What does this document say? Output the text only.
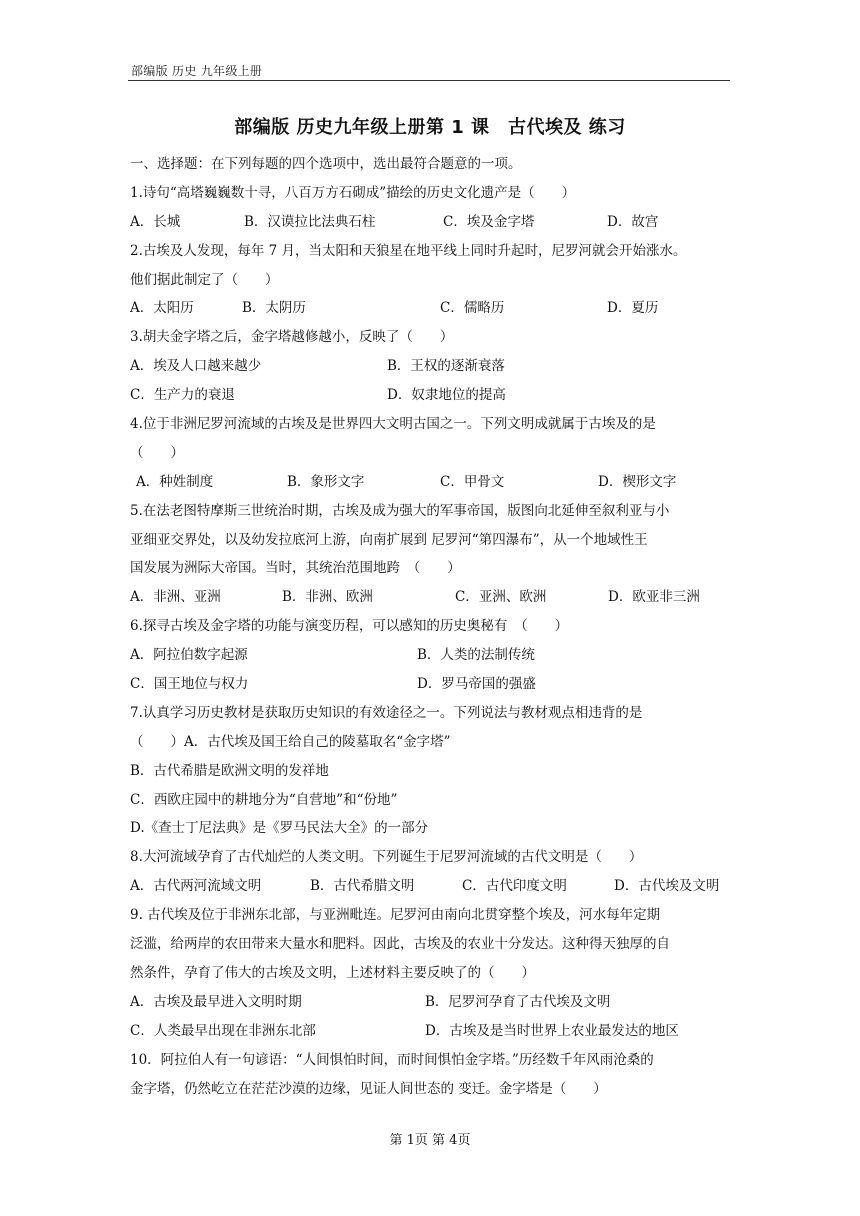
部编版 历史 九年级上册
部编版 历史九年级上册第 1 课　古代埃及 练习
一、选择题：在下列每题的四个选项中，选出最符合题意的一项。
1.诗句“高塔巍巍数十寻，八百万方石砌成”描绘的历史文化遗产是（　　）
A．长城	B．汉谟拉比法典石柱	C．埃及金字塔	D．故宫
2.古埃及人发现，每年 7 月，当太阳和天狼星在地平线上同时升起时，尼罗河就会开始涨水。
他们据此制定了（　　）
A．太阳历	B．太阴历	C．儒略历	D．夏历
3.胡夫金字塔之后，金字塔越修越小，反映了（　　）
A．埃及人口越来越少	B．王权的逐渐衰落
C．生产力的衰退	D．奴隶地位的提高
4.位于非洲尼罗河流域的古埃及是世界四大文明古国之一。下列文明成就属于古埃及的是
（　　）
A．种姓制度	B．象形文字	C．甲骨文	D．楔形文字
5.在法老图特摩斯三世统治时期，古埃及成为强大的军事帝国，版图向北延伸至叙利亚与小
亚细亚交界处，以及幼发拉底河上游，向南扩展到 尼罗河“第四瀑布”，从一个地域性王
国发展为洲际大帝国。当时，其统治范围地跨　（　　）
A．非洲、亚洲	B．非洲、欧洲	C．亚洲、欧洲	D．欧亚非三洲
6.探寻古埃及金字塔的功能与演变历程，可以感知的历史奥秘有　（　　）
A．阿拉伯数字起源	B．人类的法制传统
C．国王地位与权力	D．罗马帝国的强盛
7.认真学习历史教材是获取历史知识的有效途径之一。下列说法与教材观点相违背的是
（　　）A．古代埃及国王给自己的陵墓取名“金字塔”
B．古代希腊是欧洲文明的发祥地
C．西欧庄园中的耕地分为“自营地”和“份地”
D.《查士丁尼法典》是《罗马民法大全》的一部分
8.大河流域孕育了古代灿烂的人类文明。下列诞生于尼罗河流域的古代文明是（　　）
A．古代两河流域文明	B．古代希腊文明	C．古代印度文明	D．古代埃及文明
9. 古代埃及位于非洲东北部，与亚洲毗连。尼罗河由南向北贯穿整个埃及，河水每年定期
泛滥，给两岸的农田带来大量水和肥料。因此，古埃及的农业十分发达。这种得天独厚的自
然条件，孕育了伟大的古埃及文明，上述材料主要反映了的（　　）
A．古埃及最早进入文明时期	B．尼罗河孕育了古代埃及文明
C．人类最早出现在非洲东北部	D．古埃及是当时世界上农业最发达的地区
10．阿拉伯人有一句谚语：“人间惧怕时间，而时间惧怕金字塔。”历经数千年风雨沧桑的
金字塔，仍然屹立在茫茫沙漠的边缘，见证人间世态的 变迁。金字塔是（　　）
第 1页 第 4页
